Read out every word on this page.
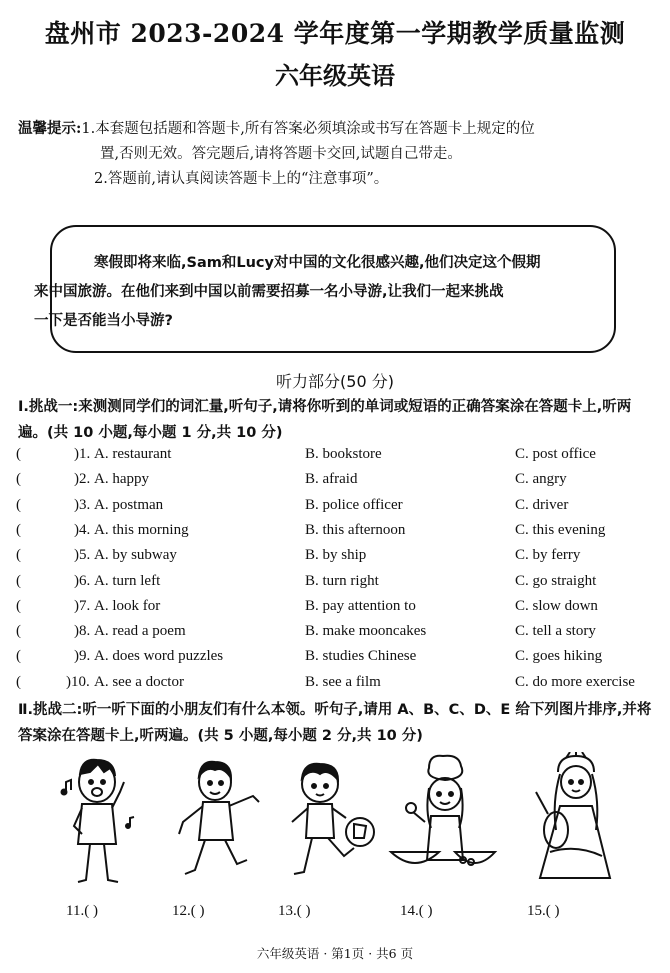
盘州市 2023-2024 学年度第一学期教学质量监测
六年级英语
温馨提示:1.本套题包括题和答题卡,所有答案必须填涂或书写在答题卡上规定的位
置,否则无效。答完题后,请将答题卡交回,试题自己带走。
2.答题前,请认真阅读答题卡上的“注意事项”。

寒假即将来临,Sam和Lucy对中国的文化很感兴趣,他们决定这个假期
来中国旅游。在他们来到中国以前需要招募一名小导游,让我们一起来挑战
一下是否能当小导游?

听力部分(50 分)
Ⅰ.挑战一:来测测同学们的词汇量,听句子,请将你听到的单词或短语的正确答案涂在答题卡上,听两遍。(共 10 小题,每小题 1 分,共 10 分)
(	)1. A. restaurant	B. bookstore	C. post office
(	)2. A. happy	B. afraid	C. angry
(	)3. A. postman	B. police officer	C. driver
(	)4. A. this morning	B. this afternoon	C. this evening
(	)5. A. by subway	B. by ship	C. by ferry
(	)6. A. turn left	B. turn right	C. go straight
(	)7. A. look for	B. pay attention to	C. slow down
(	)8. A. read a poem	B. make mooncakes	C. tell a story
(	)9. A. does word puzzles	B. studies Chinese	C. goes hiking
(	)10. A. see a doctor	B. see a film	C. do more exercise
Ⅱ.挑战二:听一听下面的小朋友们有什么本领。听句子,请用 A、B、C、D、E 给下列图片排序,并将答案涂在答题卡上,听两遍。(共 5 小题,每小题 2 分,共 10 分)
11.( )	12.( )	13.( )	14.( )	15.( )
六年级英语 · 第1页 · 共6 页
